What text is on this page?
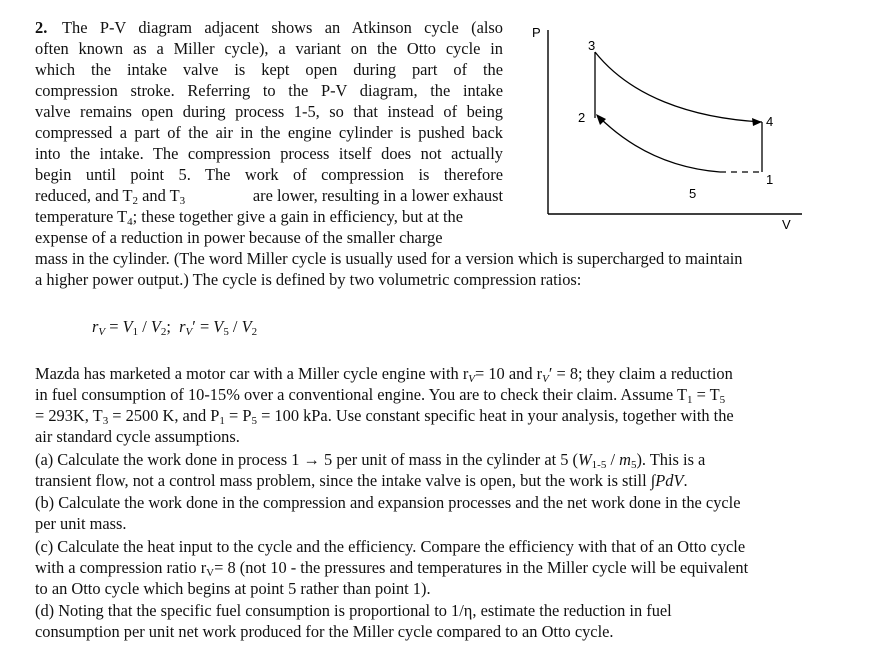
2. The P-V diagram adjacent shows an Atkinson cycle (also
often known as a Miller cycle), a variant on the Otto cycle in
which the intake valve is kept open during part of the
compression stroke. Referring to the P-V diagram, the intake
valve remains open during process 1-5, so that instead of being
compressed a part of the air in the engine cylinder is pushed back
into the intake. The compression process itself does not actually
begin until point 5. The work of compression is therefore
reduced, and T2 and T3	are lower, resulting in a lower exhaust
temperature T4; these together give a gain in efficiency, but at the
expense of a reduction in power because of the smaller charge
mass in the cylinder. (The word Miller cycle is usually used for a version which is supercharged to maintain
a higher power output.) The cycle is defined by two volumetric compression ratios:
rV = V1 / V2; rV′ = V5 / V2
Mazda has marketed a motor car with a Miller cycle engine with rV= 10 and rV′ = 8; they claim a reduction
in fuel consumption of 10-15% over a conventional engine. You are to check their claim. Assume T1 = T5
= 293K, T3 = 2500 K, and P1 = P5 = 100 kPa. Use constant specific heat in your analysis, together with the
air standard cycle assumptions.
(a) Calculate the work done in process 1 → 5 per unit of mass in the cylinder at 5 (W1-5 / m5). This is a
transient flow, not a control mass problem, since the intake valve is open, but the work is still ∫PdV.
(b) Calculate the work done in the compression and expansion processes and the net work done in the cycle
per unit mass.
(c) Calculate the heat input to the cycle and the efficiency. Compare the efficiency with that of an Otto cycle
with a compression ratio rV= 8 (not 10 - the pressures and temperatures in the Miller cycle will be equivalent
to an Otto cycle which begins at point 5 rather than point 1).
(d) Noting that the specific fuel consumption is proportional to 1/η, estimate the reduction in fuel
consumption per unit net work produced for the Miller cycle compared to an Otto cycle.
P
V
1
2
3
4
5
